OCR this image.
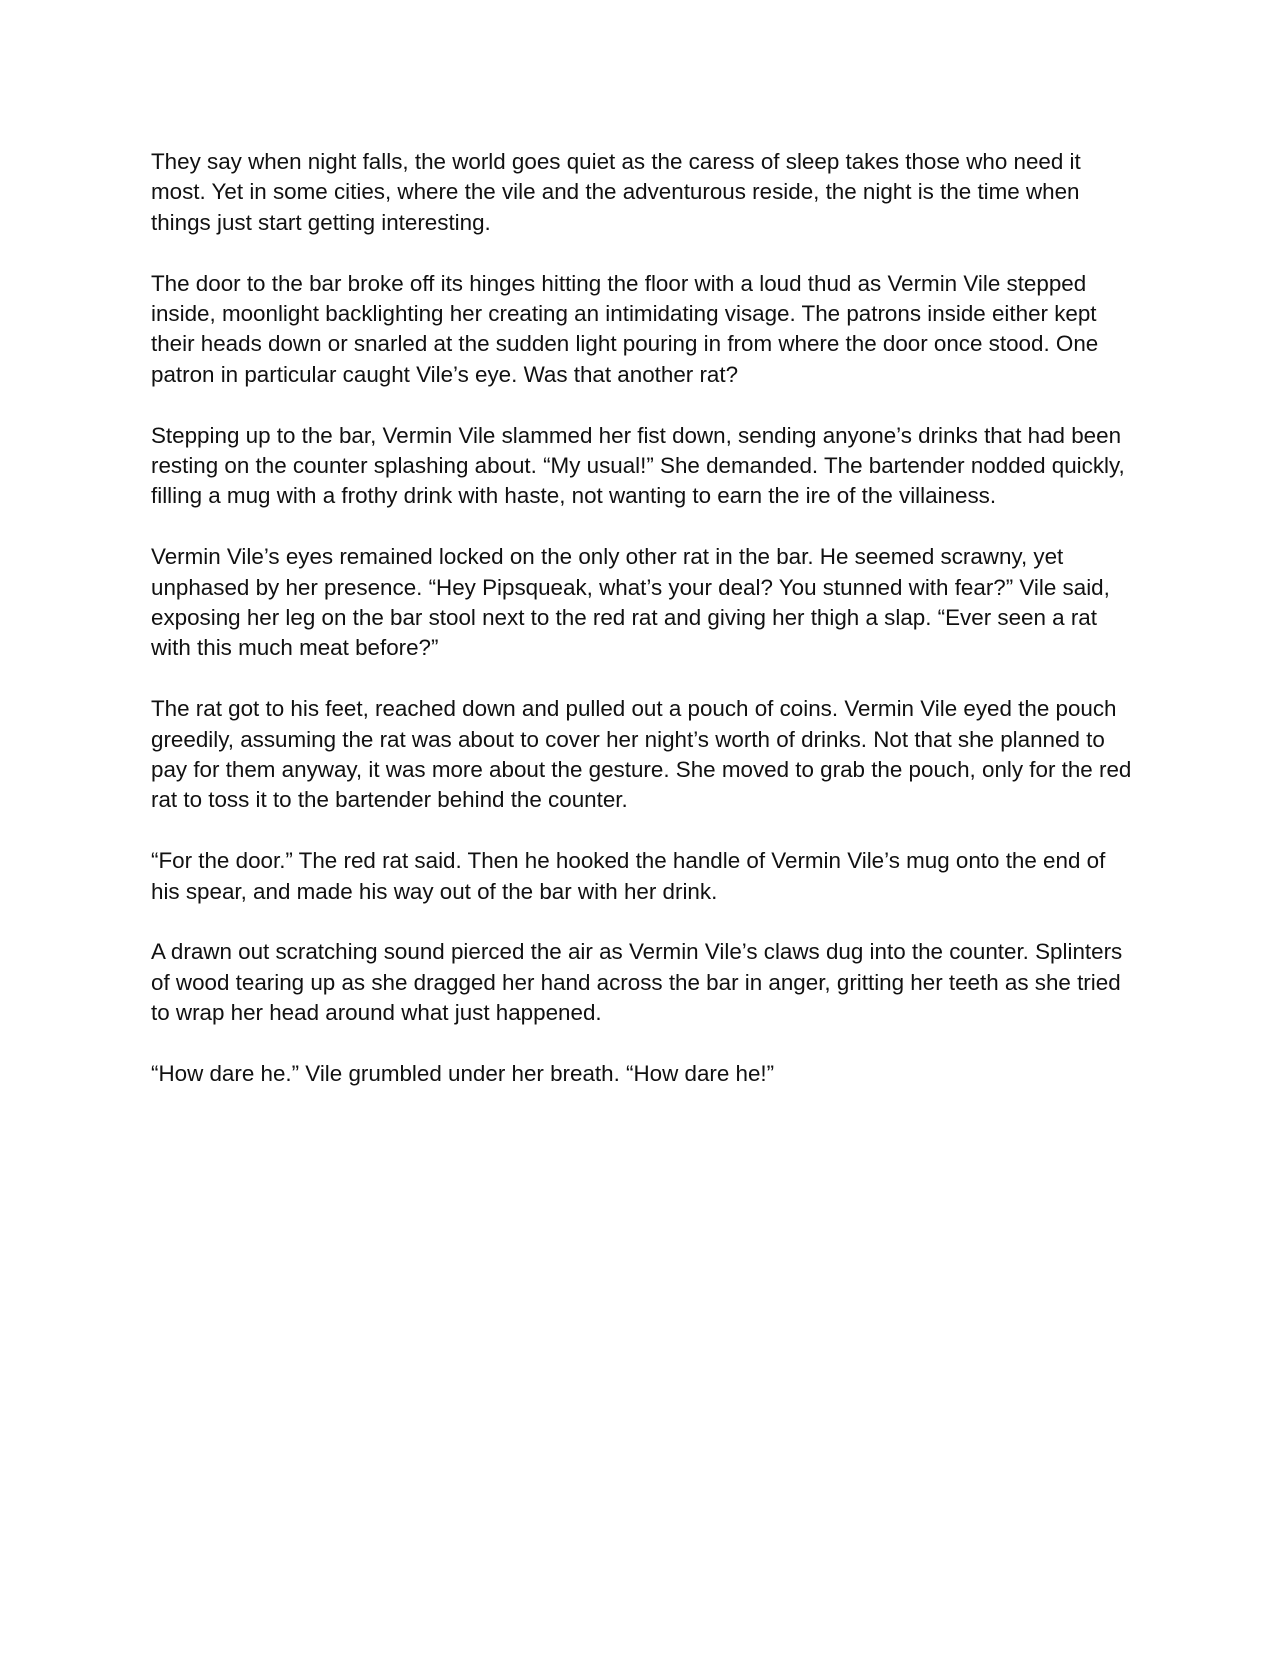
They say when night falls, the world goes quiet as the caress of sleep takes those who need it most. Yet in some cities, where the vile and the adventurous reside, the night is the time when things just start getting interesting.

The door to the bar broke off its hinges hitting the floor with a loud thud as Vermin Vile stepped inside, moonlight backlighting her creating an intimidating visage. The patrons inside either kept their heads down or snarled at the sudden light pouring in from where the door once stood. One patron in particular caught Vile’s eye. Was that another rat?

Stepping up to the bar, Vermin Vile slammed her fist down, sending anyone’s drinks that had been resting on the counter splashing about. “My usual!” She demanded. The bartender nodded quickly, filling a mug with a frothy drink with haste, not wanting to earn the ire of the villainess.

Vermin Vile’s eyes remained locked on the only other rat in the bar. He seemed scrawny, yet unphased by her presence. “Hey Pipsqueak, what’s your deal? You stunned with fear?” Vile said, exposing her leg on the bar stool next to the red rat and giving her thigh a slap. “Ever seen a rat with this much meat before?”

The rat got to his feet, reached down and pulled out a pouch of coins. Vermin Vile eyed the pouch greedily, assuming the rat was about to cover her night’s worth of drinks. Not that she planned to pay for them anyway, it was more about the gesture. She moved to grab the pouch, only for the red rat to toss it to the bartender behind the counter.

“For the door.” The red rat said. Then he hooked the handle of Vermin Vile’s mug onto the end of his spear, and made his way out of the bar with her drink.

A drawn out scratching sound pierced the air as Vermin Vile’s claws dug into the counter. Splinters of wood tearing up as she dragged her hand across the bar in anger, gritting her teeth as she tried to wrap her head around what just happened.

“How dare he.” Vile grumbled under her breath. “How dare he!”
